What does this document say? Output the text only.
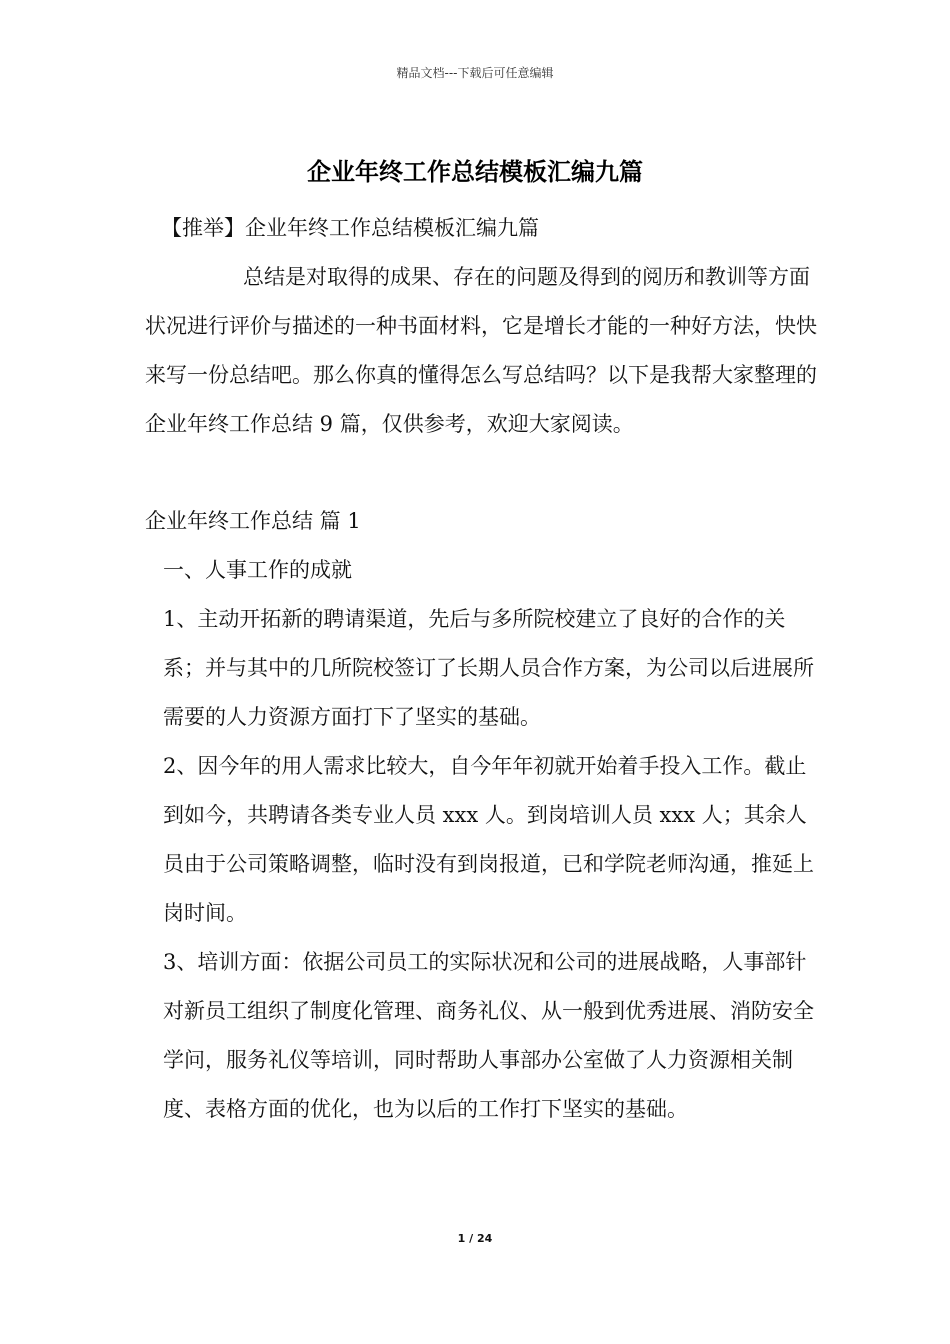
精品文档---下载后可任意编辑
企业年终工作总结模板汇编九篇

【推举】企业年终工作总结模板汇编九篇

总结是对取得的成果、存在的问题及得到的阅历和教训等方面状况进行评价与描述的一种书面材料，它是增长才能的一种好方法，快快来写一份总结吧。那么你真的懂得怎么写总结吗？以下是我帮大家整理的企业年终工作总结 9 篇，仅供参考，欢迎大家阅读。

企业年终工作总结 篇 1

一、人事工作的成就

1、主动开拓新的聘请渠道，先后与多所院校建立了良好的合作的关系；并与其中的几所院校签订了长期人员合作方案，为公司以后进展所需要的人力资源方面打下了坚实的基础。

2、因今年的用人需求比较大，自今年年初就开始着手投入工作。截止到如今，共聘请各类专业人员 xxx 人。到岗培训人员 xxx 人；其余人员由于公司策略调整，临时没有到岗报道，已和学院老师沟通，推延上岗时间。

3、培训方面：依据公司员工的实际状况和公司的进展战略，人事部针对新员工组织了制度化管理、商务礼仪、从一般到优秀进展、消防安全学问，服务礼仪等培训，同时帮助人事部办公室做了人力资源相关制度、表格方面的优化，也为以后的工作打下坚实的基础。

1 / 24
